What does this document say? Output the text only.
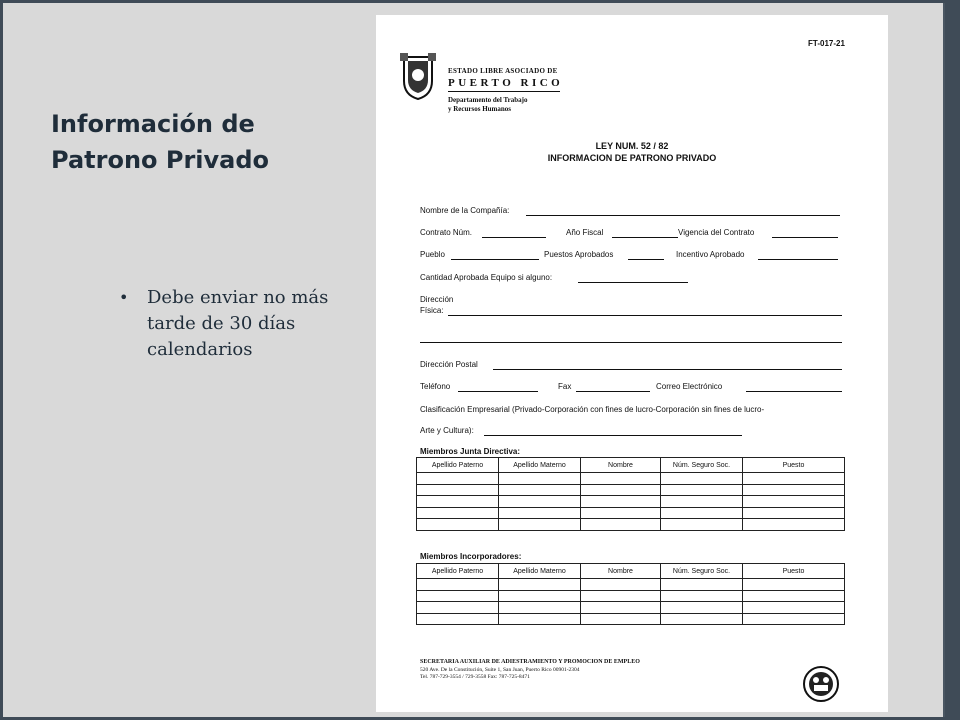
Información de
Patrono Privado
• Debe enviar no más tarde de 30 días calendarios
FT-017-21
ESTADO LIBRE ASOCIADO DE
PUERTO RICO
Departamento del Trabajo
y Recursos Humanos
LEY NUM. 52 / 82
INFORMACION DE PATRONO PRIVADO
Nombre de la Compañía:
Contrato Núm.	Año Fiscal	Vigencia del Contrato
Pueblo	Puestos Aprobados	Incentivo Aprobado
Cantidad Aprobada Equipo si alguno:
Dirección
Física:
Dirección Postal
Teléfono	Fax	Correo Electrónico
Clasificación Empresarial (Privado-Corporación con fines de lucro-Corporación sin fines de lucro-
Arte y Cultura):
Miembros Junta Directiva:
Apellido Paterno	Apellido Materno	Nombre	Núm. Seguro Soc.	Puesto

Miembros Incorporadores:
Apellido Paterno	Apellido Materno	Nombre	Núm. Seguro Soc.	Puesto

SECRETARIA AUXILIAR DE ADIESTRAMIENTO Y PROMOCION DE EMPLEO
520 Ave. De la Constitución, Suite 1, San Juan, Puerto Rico 00901-2304
Tel. 787-729-3554 / 729-3558 Fax: 787-725-8471
